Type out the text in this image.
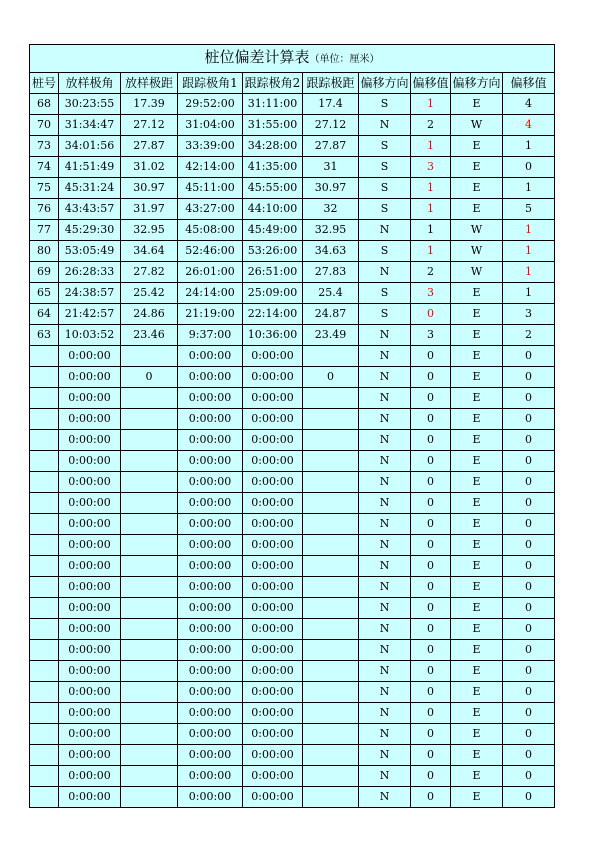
桩位偏差计算表（单位：厘米）									
桩号	放样极角	放样极距	跟踪极角1	跟踪极角2	跟踪极距	偏移方向	偏移值	偏移方向	偏移值
68	30:23:55	17.39	29:52:00	31:11:00	17.4	S	1	E	4
70	31:34:47	27.12	31:04:00	31:55:00	27.12	N	2	W	4
73	34:01:56	27.87	33:39:00	34:28:00	27.87	S	1	E	1
74	41:51:49	31.02	42:14:00	41:35:00	31	S	3	E	0
75	45:31:24	30.97	45:11:00	45:55:00	30.97	S	1	E	1
76	43:43:57	31.97	43:27:00	44:10:00	32	S	1	E	5
77	45:29:30	32.95	45:08:00	45:49:00	32.95	N	1	W	1
80	53:05:49	34.64	52:46:00	53:26:00	34.63	S	1	W	1
69	26:28:33	27.82	26:01:00	26:51:00	27.83	N	2	W	1
65	24:38:57	25.42	24:14:00	25:09:00	25.4	S	3	E	1
64	21:42:57	24.86	21:19:00	22:14:00	24.87	S	0	E	3
63	10:03:52	23.46	9:37:00	10:36:00	23.49	N	3	E	2
	0:00:00		0:00:00	0:00:00		N	0	E	0
	0:00:00	0	0:00:00	0:00:00	0	N	0	E	0
	0:00:00		0:00:00	0:00:00		N	0	E	0
	0:00:00		0:00:00	0:00:00		N	0	E	0
	0:00:00		0:00:00	0:00:00		N	0	E	0
	0:00:00		0:00:00	0:00:00		N	0	E	0
	0:00:00		0:00:00	0:00:00		N	0	E	0
	0:00:00		0:00:00	0:00:00		N	0	E	0
	0:00:00		0:00:00	0:00:00		N	0	E	0
	0:00:00		0:00:00	0:00:00		N	0	E	0
	0:00:00		0:00:00	0:00:00		N	0	E	0
	0:00:00		0:00:00	0:00:00		N	0	E	0
	0:00:00		0:00:00	0:00:00		N	0	E	0
	0:00:00		0:00:00	0:00:00		N	0	E	0
	0:00:00		0:00:00	0:00:00		N	0	E	0
	0:00:00		0:00:00	0:00:00		N	0	E	0
	0:00:00		0:00:00	0:00:00		N	0	E	0
	0:00:00		0:00:00	0:00:00		N	0	E	0
	0:00:00		0:00:00	0:00:00		N	0	E	0
	0:00:00		0:00:00	0:00:00		N	0	E	0
	0:00:00		0:00:00	0:00:00		N	0	E	0
	0:00:00		0:00:00	0:00:00		N	0	E	0
